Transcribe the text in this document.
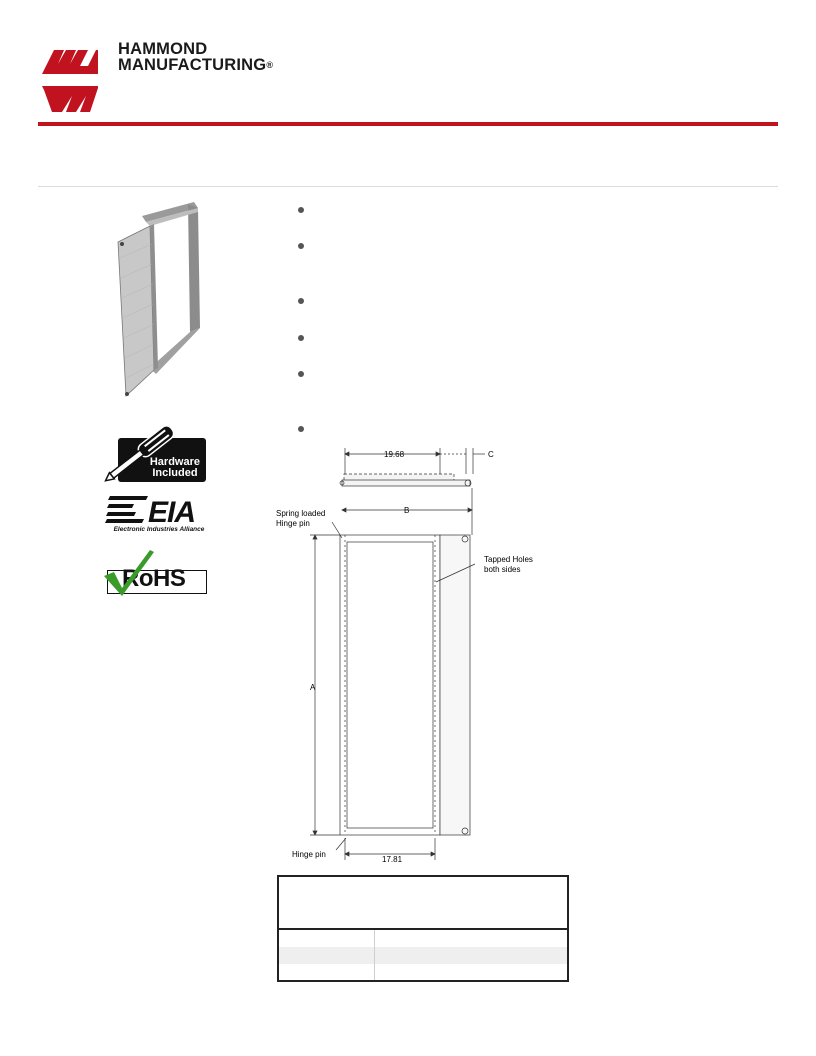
HAMMOND
MANUFACTURING®
Hardware
Included
EIA
Electronic Industries Alliance
RoHS
19.68	C
B
A
17.81
Spring loaded
Hinge pin
Tapped Holes
both sides
Hinge pin
